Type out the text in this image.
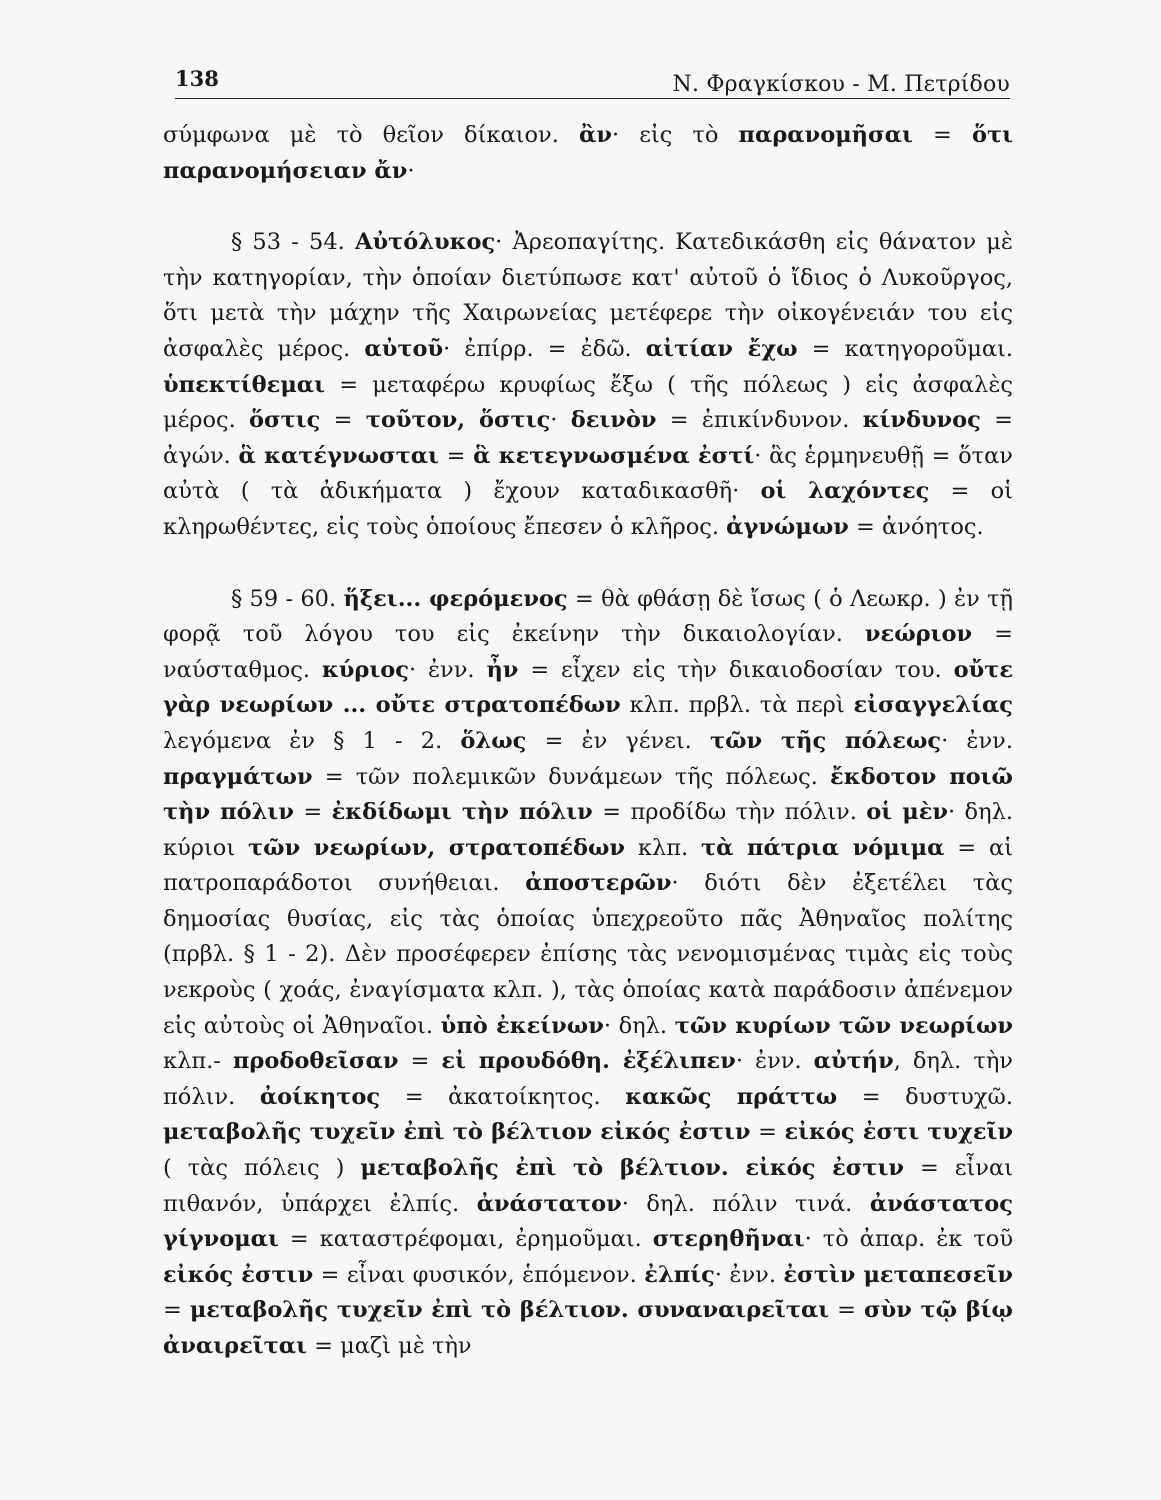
138	Ν. Φραγκίσκου - Μ. Πετρίδου

σύμφωνα μὲ τὸ θεῖον δίκαιον. ἂν· εἰς τὸ παρανομῆσαι = ὅτι παρανομήσειαν ἄν·

§ 53 - 54. Αὐτόλυκος· Ἀρεοπαγίτης. Κατεδικάσθη εἰς θάνατον μὲ τὴν κατηγορίαν, τὴν ὁποίαν διετύπωσε κατ' αὐτοῦ ὁ ἴδιος ὁ Λυκοῦργος, ὅτι μετὰ τὴν μάχην τῆς Χαιρωνείας μετέφερε τὴν οἰκογένειάν του εἰς ἀσφαλὲς μέρος. αὐτοῦ· ἐπίρρ. = ἐδῶ. αἰτίαν ἔχω = κατηγοροῦμαι. ὑπεκτίθεμαι = μεταφέρω κρυφίως ἔξω ( τῆς πόλεως ) εἰς ἀσφαλὲς μέρος. ὅστις = τοῦτον, ὅστις· δεινὸν = ἐπικίνδυνον. κίνδυνος = ἀγών. ἃ κατέγνωσται = ἃ κετεγνωσμένα ἐστί· ἃς ἑρμηνευθῇ = ὅταν αὐτὰ ( τὰ ἀδικήματα ) ἔχουν καταδικασθῆ· οἱ λαχόντες = οἱ κληρωθέντες, εἰς τοὺς ὁποίους ἔπεσεν ὁ κλῆρος. ἀγνώμων = ἀνόητος.

§ 59 - 60. ἥξει... φερόμενος = θὰ φθάσῃ δὲ ἴσως ( ὁ Λεωκρ. ) ἐν τῇ φορᾷ τοῦ λόγου του εἰς ἐκείνην τὴν δικαιολογίαν. νεώριον = ναύσταθμος. κύριος· ἐνν. ἦν = εἶχεν εἰς τὴν δικαιοδοσίαν του. οὔτε γὰρ νεωρίων ... οὔτε στρατοπέδων κλπ. πρβλ. τὰ περὶ εἰσαγγελίας λεγόμενα ἐν § 1 - 2. ὅλως = ἐν γένει. τῶν τῆς πόλεως· ἐνν. πραγμάτων = τῶν πολεμικῶν δυνάμεων τῆς πόλεως. ἔκδοτον ποιῶ τὴν πόλιν = ἐκδίδωμι τὴν πόλιν = προδίδω τὴν πόλιν. οἱ μὲν· δηλ. κύριοι τῶν νεωρίων, στρατοπέδων κλπ. τὰ πάτρια νόμιμα = αἱ πατροπαράδοτοι συνήθειαι. ἀποστερῶν· διότι δὲν ἐξετέλει τὰς δημοσίας θυσίας, εἰς τὰς ὁποίας ὑπεχρεοῦτο πᾶς Ἀθηναῖος πολίτης (πρβλ. § 1 - 2). Δὲν προσέφερεν ἐπίσης τὰς νενομισμένας τιμὰς εἰς τοὺς νεκροὺς ( χοάς, ἐναγίσματα κλπ. ), τὰς ὁποίας κατὰ παράδοσιν ἀπένεμον εἰς αὐτοὺς οἱ Ἀθηναῖοι. ὑπὸ ἐκείνων· δηλ. τῶν κυρίων τῶν νεωρίων κλπ.- προδοθεῖσαν = εἰ προυδόθη. ἐξέλιπεν· ἐνν. αὐτήν, δηλ. τὴν πόλιν. ἀοίκητος = ἀκατοίκητος. κακῶς πράττω = δυστυχῶ. μεταβολῆς τυχεῖν ἐπὶ τὸ βέλτιον εἰκός ἐστιν = εἰκός ἐστι τυχεῖν ( τὰς πόλεις ) μεταβολῆς ἐπὶ τὸ βέλτιον. εἰκός ἐστιν = εἶναι πιθανόν, ὑπάρχει ἐλπίς. ἀνάστατον· δηλ. πόλιν τινά. ἀνάστατος γίγνομαι = καταστρέφομαι, ἐρημοῦμαι. στερηθῆναι· τὸ ἀπαρ. ἐκ τοῦ εἰκός ἐστιν = εἶναι φυσικόν, ἑπόμενον. ἐλπίς· ἐνν. ἐστὶν μεταπεσεῖν = μεταβολῆς τυχεῖν ἐπὶ τὸ βέλτιον. συναναιρεῖται = σὺν τῷ βίῳ ἀναιρεῖται = μαζὶ μὲ τὴν
